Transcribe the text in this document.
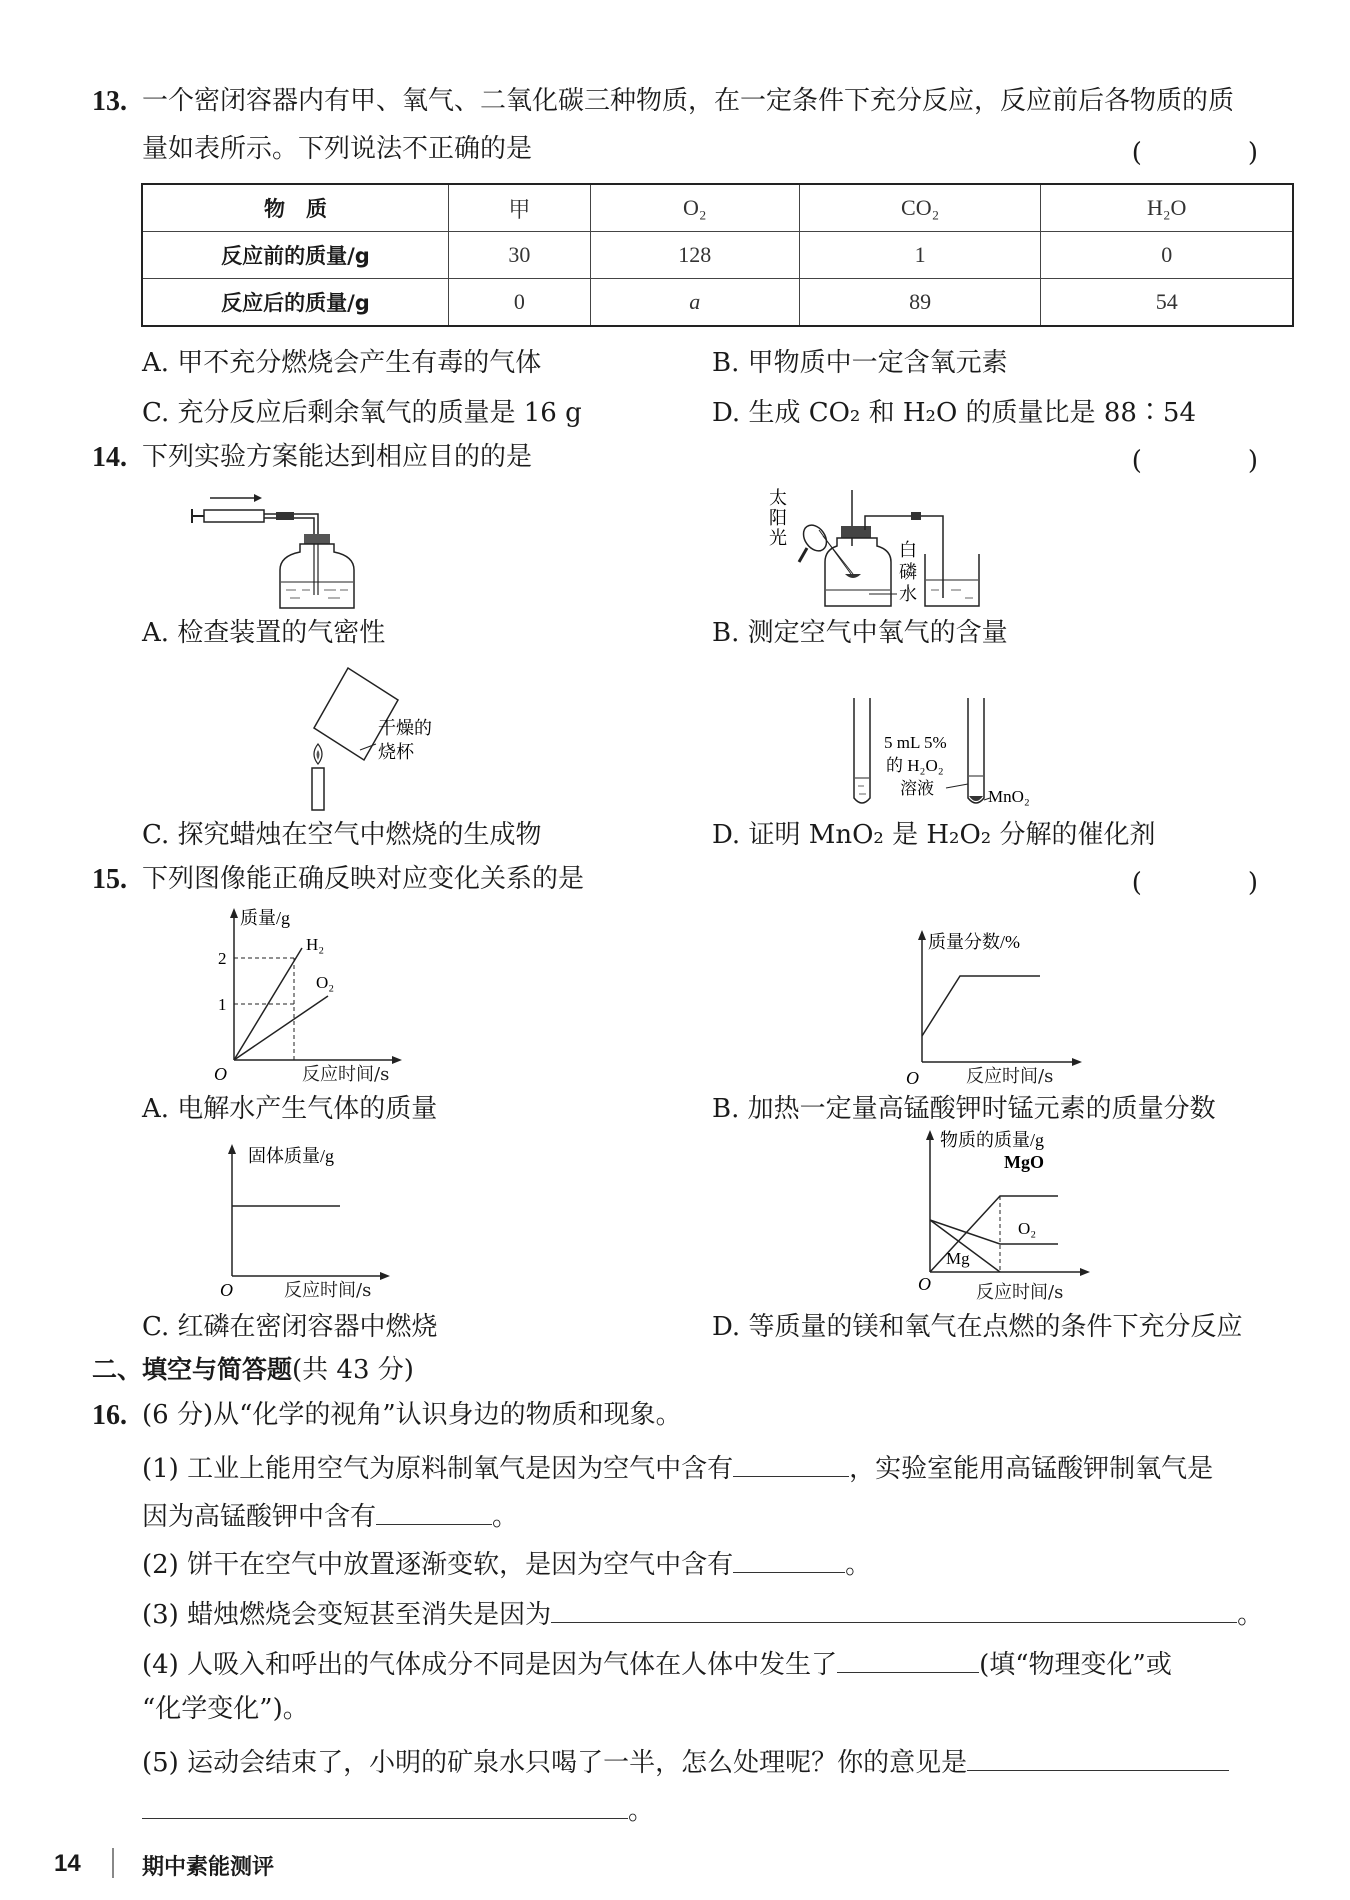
13. 一个密闭容器内有甲、氧气、二氧化碳三种物质，在一定条件下充分反应，反应前后各物质的质
量如表所示。下列说法不正确的是	(　)
物　质	甲	O₂	CO₂	H₂O
反应前的质量/g	30	128	1	0
反应后的质量/g	0	a	89	54
A. 甲不充分燃烧会产生有毒的气体	B. 甲物质中一定含氧元素
C. 充分反应后剩余氧气的质量是 16 g	D. 生成 CO₂ 和 H₂O 的质量比是 88∶54
14. 下列实验方案能达到相应目的的是	(　)
A. 检查装置的气密性
太
阳
光
白
磷
水
B. 测定空气中氧气的含量
干燥的
烧杯
C. 探究蜡烛在空气中燃烧的生成物
5 mL 5%
的 H₂O₂
溶液	MnO₂
D. 证明 MnO₂ 是 H₂O₂ 分解的催化剂
15. 下列图像能正确反映对应变化关系的是	(　)
质量/g
O
2
1
H₂
O₂
反应时间/s
A. 电解水产生气体的质量
质量分数/%
O	反应时间/s
B. 加热一定量高锰酸钾时锰元素的质量分数
固体质量/g
O	反应时间/s
C. 红磷在密闭容器中燃烧
物质的质量/g
O
MgO
O₂
Mg
反应时间/s
D. 等质量的镁和氧气在点燃的条件下充分反应
二、填空与简答题(共 43 分)
16. (6 分)从“化学的视角”认识身边的物质和现象。
(1) 工业上能用空气为原料制氧气是因为空气中含有	，实验室能用高锰酸钾制氧气是
因为高锰酸钾中含有	。
(2) 饼干在空气中放置逐渐变软，是因为空气中含有	。
(3) 蜡烛燃烧会变短甚至消失是因为	。
(4) 人吸入和呼出的气体成分不同是因为气体在人体中发生了	(填“物理变化”或
“化学变化”)。
(5) 运动会结束了，小明的矿泉水只喝了一半，怎么处理呢？你的意见是
。
14	期中素能测评
